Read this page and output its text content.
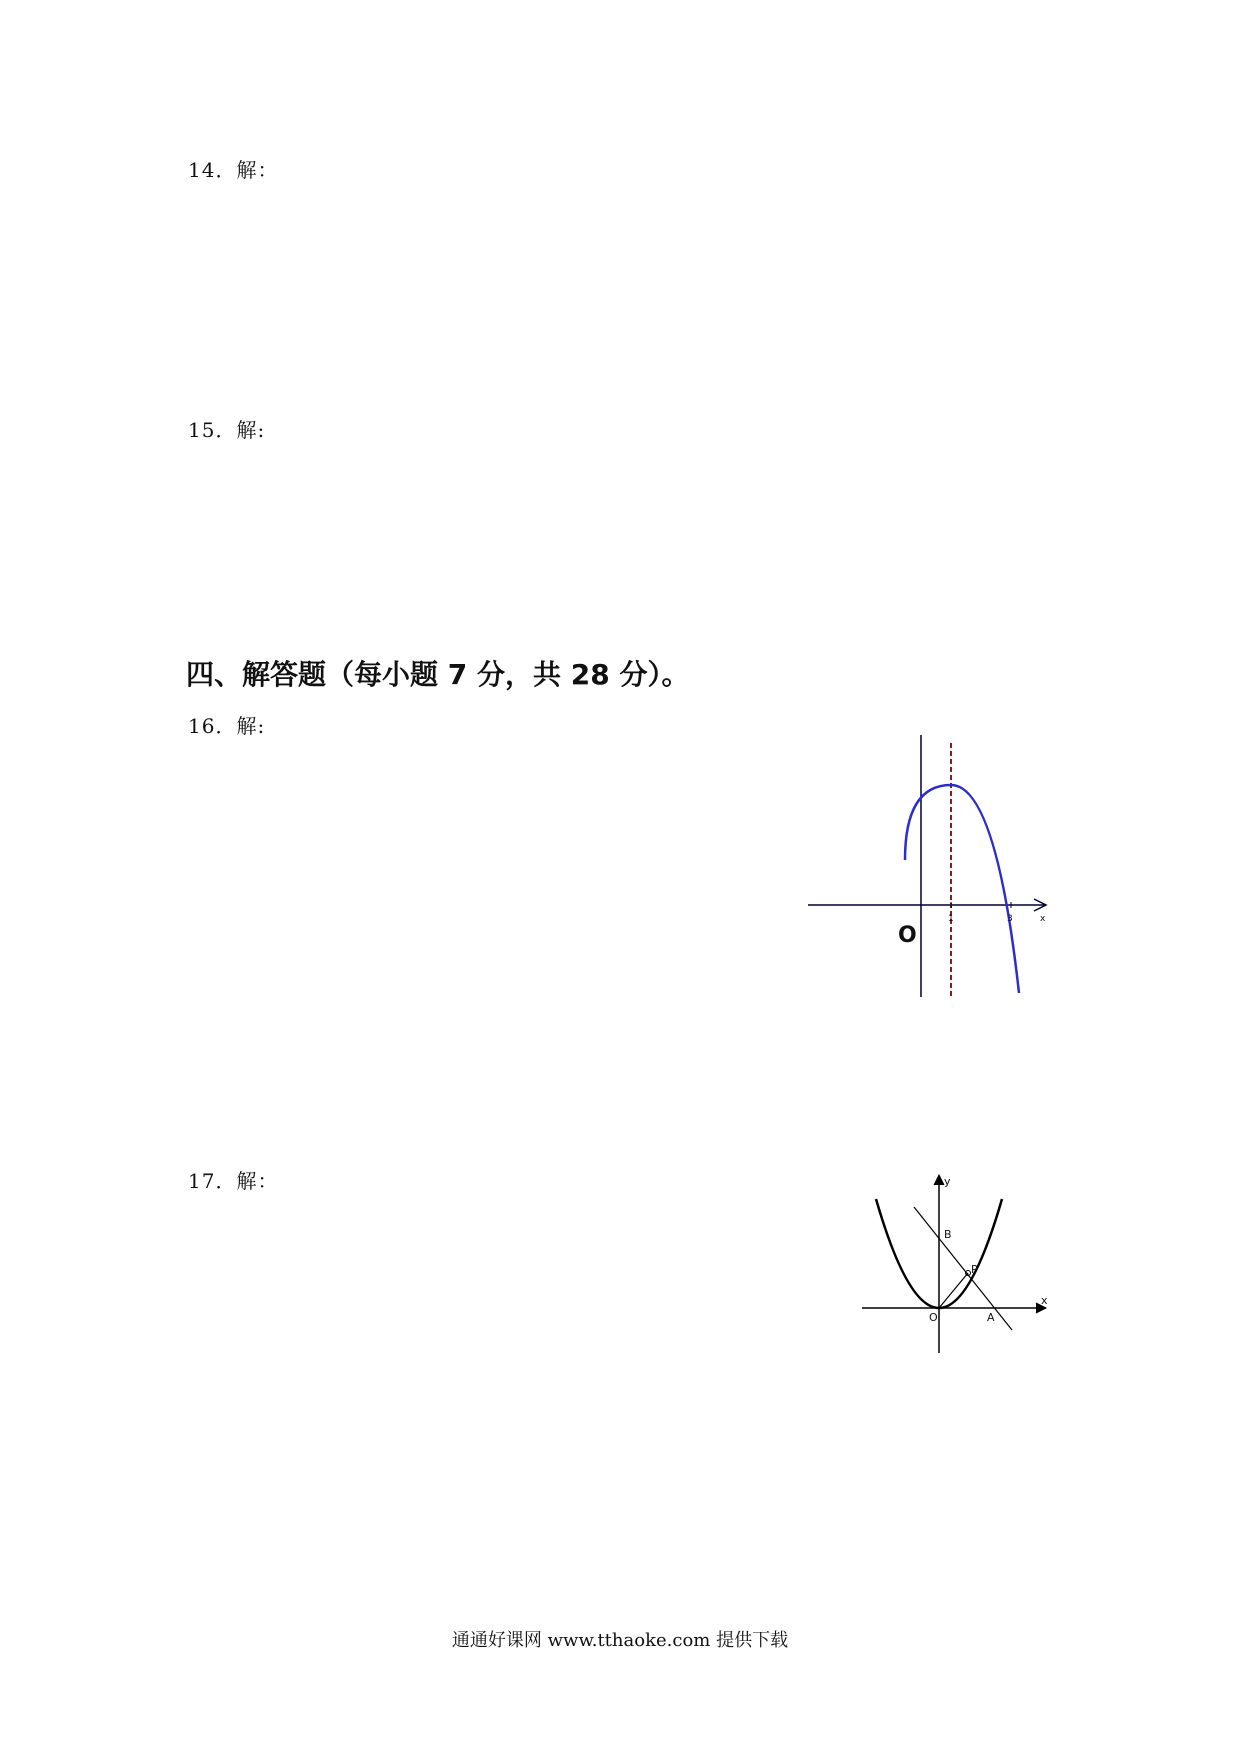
14．解：
15．解:
四、解答题（每小题 7 分，共 28 分）。
16．解:
1	3	x
O
17．解：	y
x
B
P
O	A
通通好课网 www.tthaoke.com 提供下载
